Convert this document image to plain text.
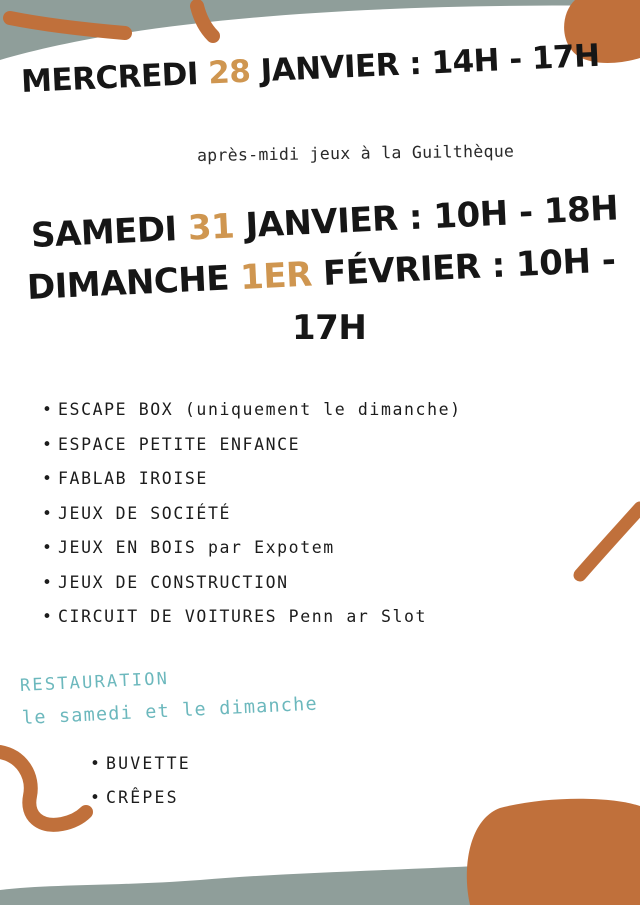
MERCREDI 28 JANVIER : 14H - 17H
après-midi jeux à la Guilthèque
SAMEDI 31 JANVIER : 10H - 18H
DIMANCHE 1ER FÉVRIER : 10H -
17H
• ESCAPE BOX (uniquement le dimanche)
• ESPACE PETITE ENFANCE
• FABLAB IROISE
• JEUX DE SOCIÉTÉ
• JEUX EN BOIS par Expotem
• JEUX DE CONSTRUCTION
• CIRCUIT DE VOITURES Penn ar Slot
RESTAURATION
le samedi et le dimanche
• BUVETTE
• CRÊPES
